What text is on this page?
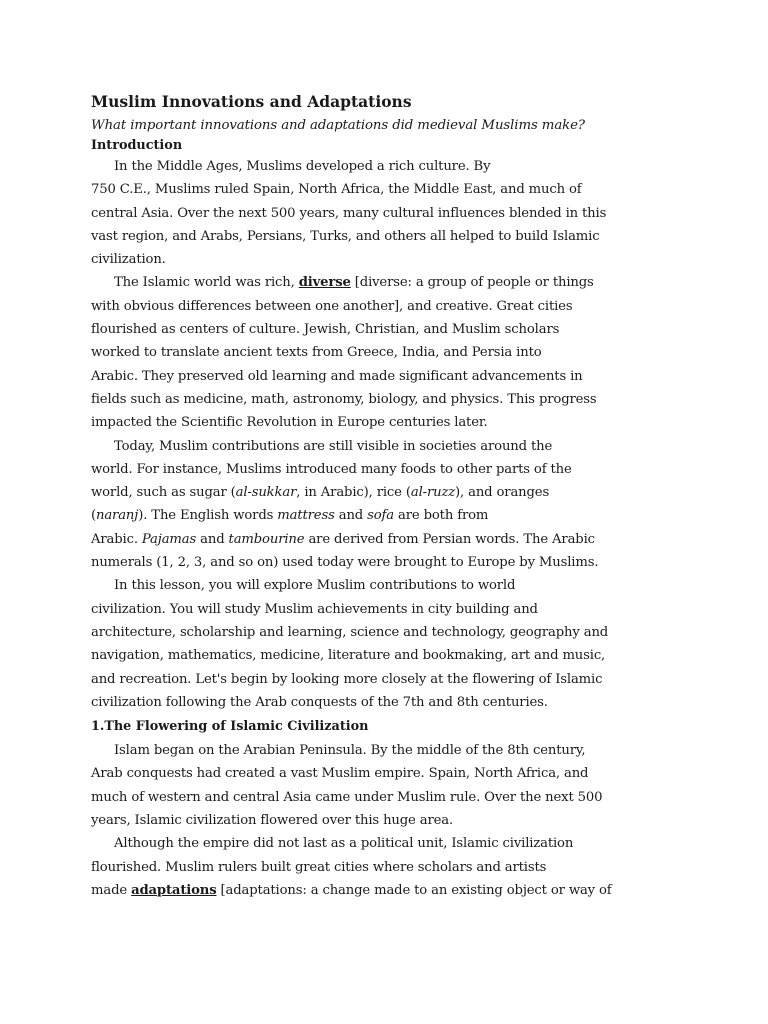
Muslim Innovations and Adaptations

What important innovations and adaptations did medieval Muslims make?

Introduction

In the Middle Ages, Muslims developed a rich culture. By
750 C.E., Muslims ruled Spain, North Africa, the Middle East, and much of
central Asia. Over the next 500 years, many cultural influences blended in this
vast region, and Arabs, Persians, Turks, and others all helped to build Islamic
civilization.
The Islamic world was rich, diverse [diverse: a group of people or things
with obvious differences between one another], and creative. Great cities
flourished as centers of culture. Jewish, Christian, and Muslim scholars
worked to translate ancient texts from Greece, India, and Persia into
Arabic. They preserved old learning and made significant advancements in
fields such as medicine, math, astronomy, biology, and physics. This progress
impacted the Scientific Revolution in Europe centuries later.
Today, Muslim contributions are still visible in societies around the
world. For instance, Muslims introduced many foods to other parts of the
world, such as sugar (al-sukkar, in Arabic), rice (al-ruzz), and oranges
(naranj). The English words mattress and sofa are both from
Arabic. Pajamas and tambourine are derived from Persian words. The Arabic
numerals (1, 2, 3, and so on) used today were brought to Europe by Muslims.
In this lesson, you will explore Muslim contributions to world
civilization. You will study Muslim achievements in city building and
architecture, scholarship and learning, science and technology, geography and
navigation, mathematics, medicine, literature and bookmaking, art and music,
and recreation. Let's begin by looking more closely at the flowering of Islamic
civilization following the Arab conquests of the 7th and 8th centuries.

1.The Flowering of Islamic Civilization

Islam began on the Arabian Peninsula. By the middle of the 8th century,
Arab conquests had created a vast Muslim empire. Spain, North Africa, and
much of western and central Asia came under Muslim rule. Over the next 500
years, Islamic civilization flowered over this huge area.
Although the empire did not last as a political unit, Islamic civilization
flourished. Muslim rulers built great cities where scholars and artists
made adaptations [adaptations: a change made to an existing object or way of
